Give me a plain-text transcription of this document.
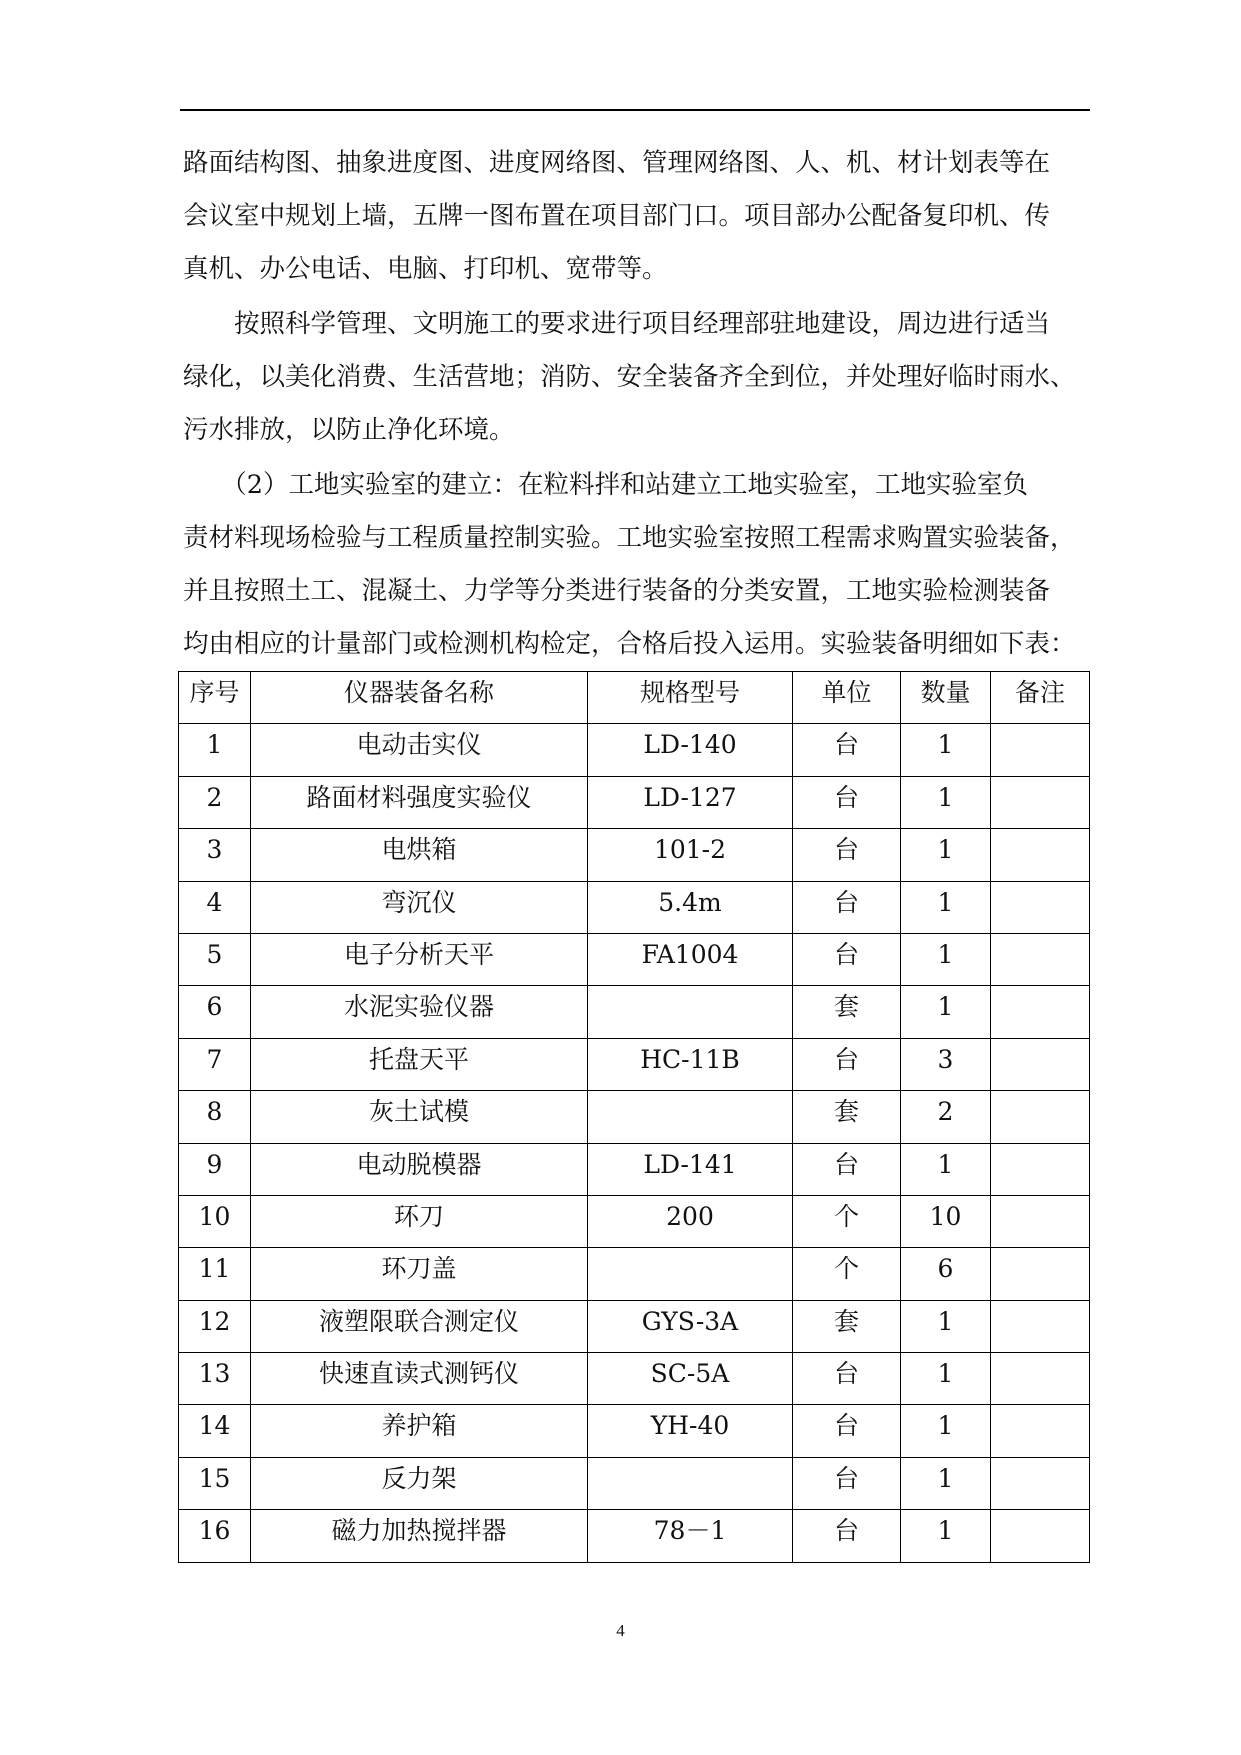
路面结构图、抽象进度图、进度网络图、管理网络图、人、机、材计划表等在
会议室中规划上墙，五牌一图布置在项目部门口。项目部办公配备复印机、传
真机、办公电话、电脑、打印机、宽带等。

　　按照科学管理、文明施工的要求进行项目经理部驻地建设，周边进行适当
绿化，以美化消费、生活营地；消防、安全装备齐全到位，并处理好临时雨水、
污水排放，以防止净化环境。

　　（2）工地实验室的建立：在粒料拌和站建立工地实验室，工地实验室负
责材料现场检验与工程质量控制实验。工地实验室按照工程需求购置实验装备，
并且按照土工、混凝土、力学等分类进行装备的分类安置，工地实验检测装备
均由相应的计量部门或检测机构检定，合格后投入运用。实验装备明细如下表：

序号	仪器装备名称	规格型号	单位	数量	备注
1	电动击实仪	LD-140	台	1	
2	路面材料强度实验仪	LD-127	台	1	
3	电烘箱	101-2	台	1	
4	弯沉仪	5.4m	台	1	
5	电子分析天平	FA1004	台	1	
6	水泥实验仪器		套	1	
7	托盘天平	HC-11B	台	3	
8	灰土试模		套	2	
9	电动脱模器	LD-141	台	1	
10	环刀	200	个	10	
11	环刀盖		个	6	
12	液塑限联合测定仪	GYS-3A	套	1	
13	快速直读式测钙仪	SC-5A	台	1	
14	养护箱	YH-40	台	1	
15	反力架		台	1	
16	磁力加热搅拌器	78－1	台	1	
4
